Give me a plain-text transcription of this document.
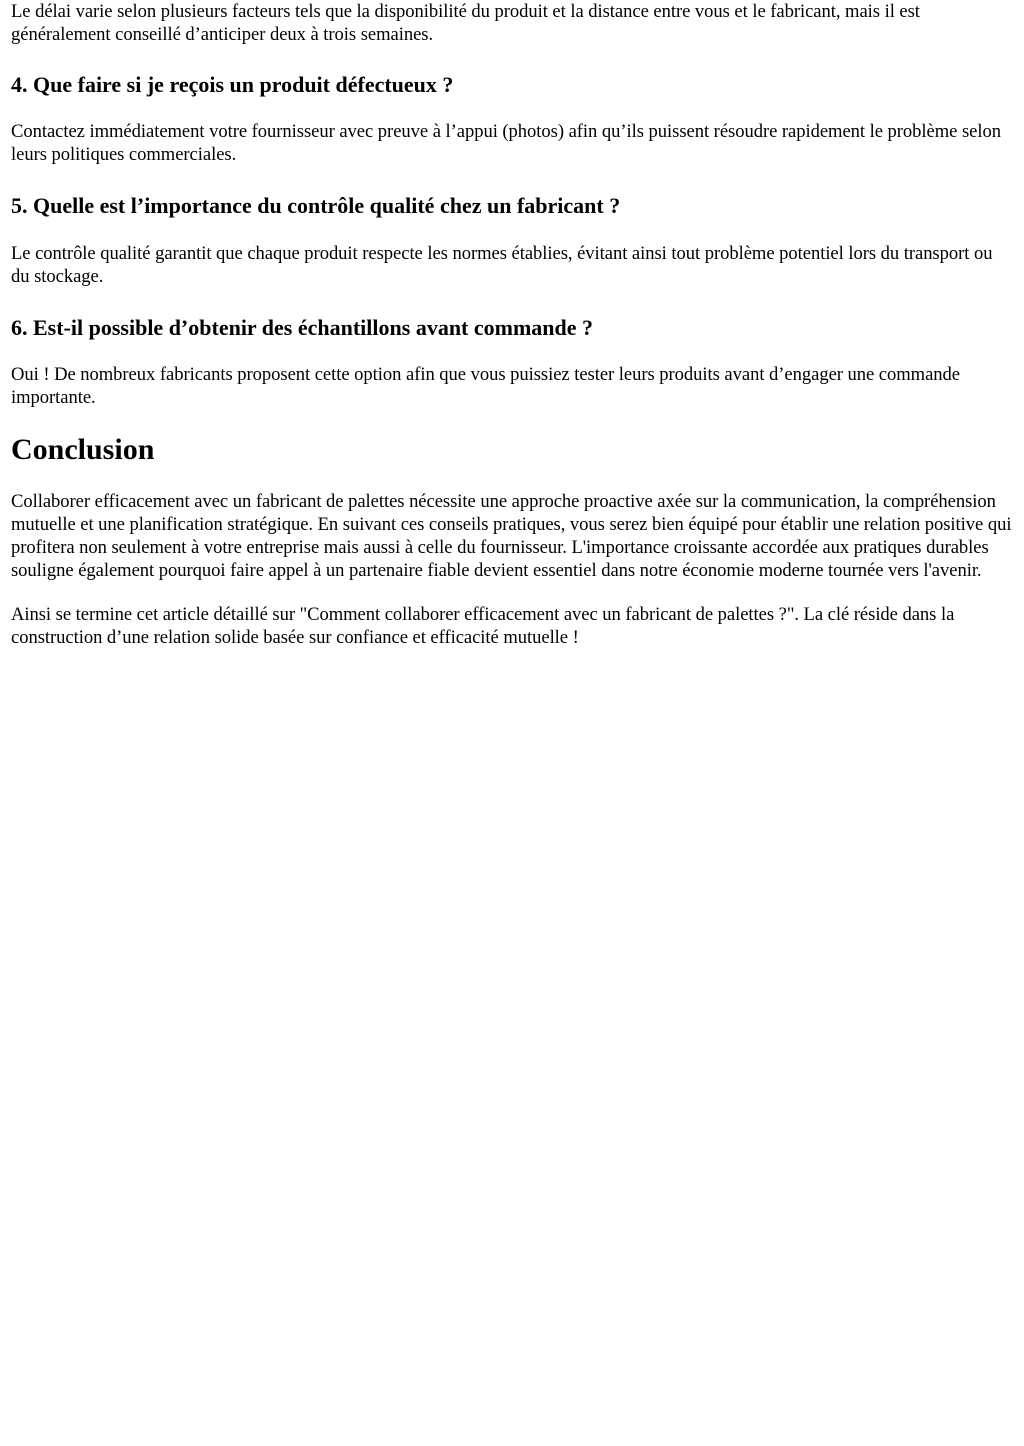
Le délai varie selon plusieurs facteurs tels que la disponibilité du produit et la distance entre vous et le fabricant, mais il est généralement conseillé d’anticiper deux à trois semaines.

4. Que faire si je reçois un produit défectueux ?

Contactez immédiatement votre fournisseur avec preuve à l’appui (photos) afin qu’ils puissent résoudre rapidement le problème selon leurs politiques commerciales.

5. Quelle est l’importance du contrôle qualité chez un fabricant ?

Le contrôle qualité garantit que chaque produit respecte les normes établies, évitant ainsi tout problème potentiel lors du transport ou du stockage.

6. Est-il possible d’obtenir des échantillons avant commande ?

Oui ! De nombreux fabricants proposent cette option afin que vous puissiez tester leurs produits avant d’engager une commande importante.

Conclusion

Collaborer efficacement avec un fabricant de palettes nécessite une approche proactive axée sur la communication, la compréhension mutuelle et une planification stratégique. En suivant ces conseils pratiques, vous serez bien équipé pour établir une relation positive qui profitera non seulement à votre entreprise mais aussi à celle du fournisseur. L'importance croissante accordée aux pratiques durables souligne également pourquoi faire appel à un partenaire fiable devient essentiel dans notre économie moderne tournée vers l'avenir.

Ainsi se termine cet article détaillé sur "Comment collaborer efficacement avec un fabricant de palettes ?". La clé réside dans la construction d’une relation solide basée sur confiance et efficacité mutuelle !
